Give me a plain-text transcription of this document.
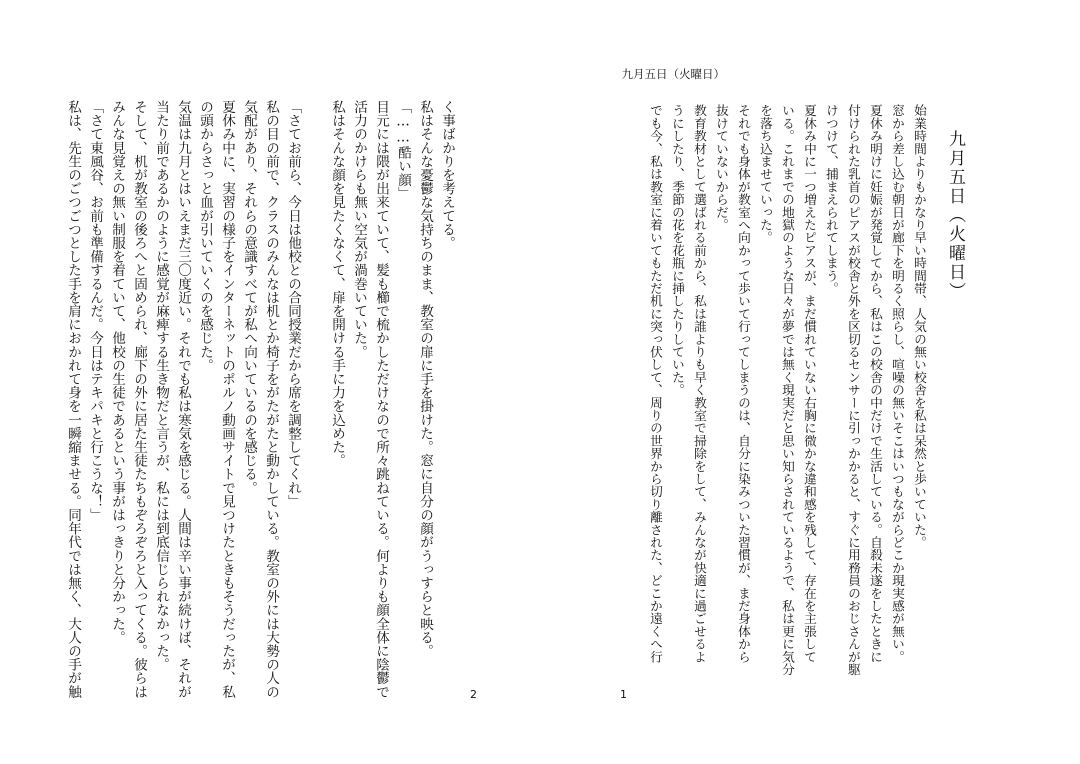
九月五日（火曜日）
九月五日（火曜日）
始業時間よりもかなり早い時間帯、人気の無い校舎を私は呆然と歩いていた。
窓から差し込む朝日が廊下を明るく照らし、喧噪の無いそこはいつもながらどこか現実感が無い。
夏休み明けに妊娠が発覚してから、私はこの校舎の中だけで生活している。自殺未遂をしたときに
付けられた乳首のピアスが校舎と外を区切るセンサーに引っかかると、すぐに用務員のおじさんが駆
けつけて、捕まえられてしまう。
夏休み中に一つ増えたピアスが、まだ慣れていない右胸に微かな違和感を残して、存在を主張して
いる。これまでの地獄のような日々が夢では無く現実だと思い知らされているようで、私は更に気分
を落ち込ませていった。
それでも身体が教室へ向かって歩いて行ってしまうのは、自分に染みついた習慣が、まだ身体から
抜けていないからだ。
教育教材として選ばれる前から、私は誰よりも早く教室で掃除をして、みんなが快適に過ごせるよ
うにしたり、季節の花を花瓶に挿したりしていた。
でも今、私は教室に着いてもただ机に突っ伏して、周りの世界から切り離された、どこか遠くへ行
1
く事ばかりを考えてる。
私はそんな憂鬱な気持ちのまま、教室の扉に手を掛けた。窓に自分の顔がうっすらと映る。
「……酷い顔」
目元には隈が出来ていて、髪も櫛で梳かしただけなので所々跳ねている。何よりも顔全体に陰鬱で
活力のかけらも無い空気が渦巻いていた。
私はそんな顔を見たくなくて、扉を開ける手に力を込めた。
「さてお前ら、今日は他校との合同授業だから席を調整してくれ」
私の目の前で、クラスのみんなは机とか椅子をがたがたと動かしている。教室の外には大勢の人の
気配があり、それらの意識すべてが私へ向いているのを感じる。
夏休み中に、実習の様子をインターネットのポルノ動画サイトで見つけたときもそうだったが、私
の頭からさっと血が引いていくのを感じた。
気温は九月とはいえまだ三〇度近い。それでも私は寒気を感じる。人間は辛い事が続けば、それが
当たり前であるかのように感覚が麻痺する生き物だと言うが、私には到底信じられなかった。
そして、机が教室の後ろへと固められ、廊下の外に居た生徒たちもぞろぞろと入ってくる。彼らは
みんな見覚えの無い制服を着ていて、他校の生徒であるという事がはっきりと分かった。
「さて東風谷、お前も準備するんだ。今日はテキパキと行こうな！」
私は、先生のごつごつとした手を肩におかれて身を一瞬縮ませる。同年代では無く、大人の手が触	2
